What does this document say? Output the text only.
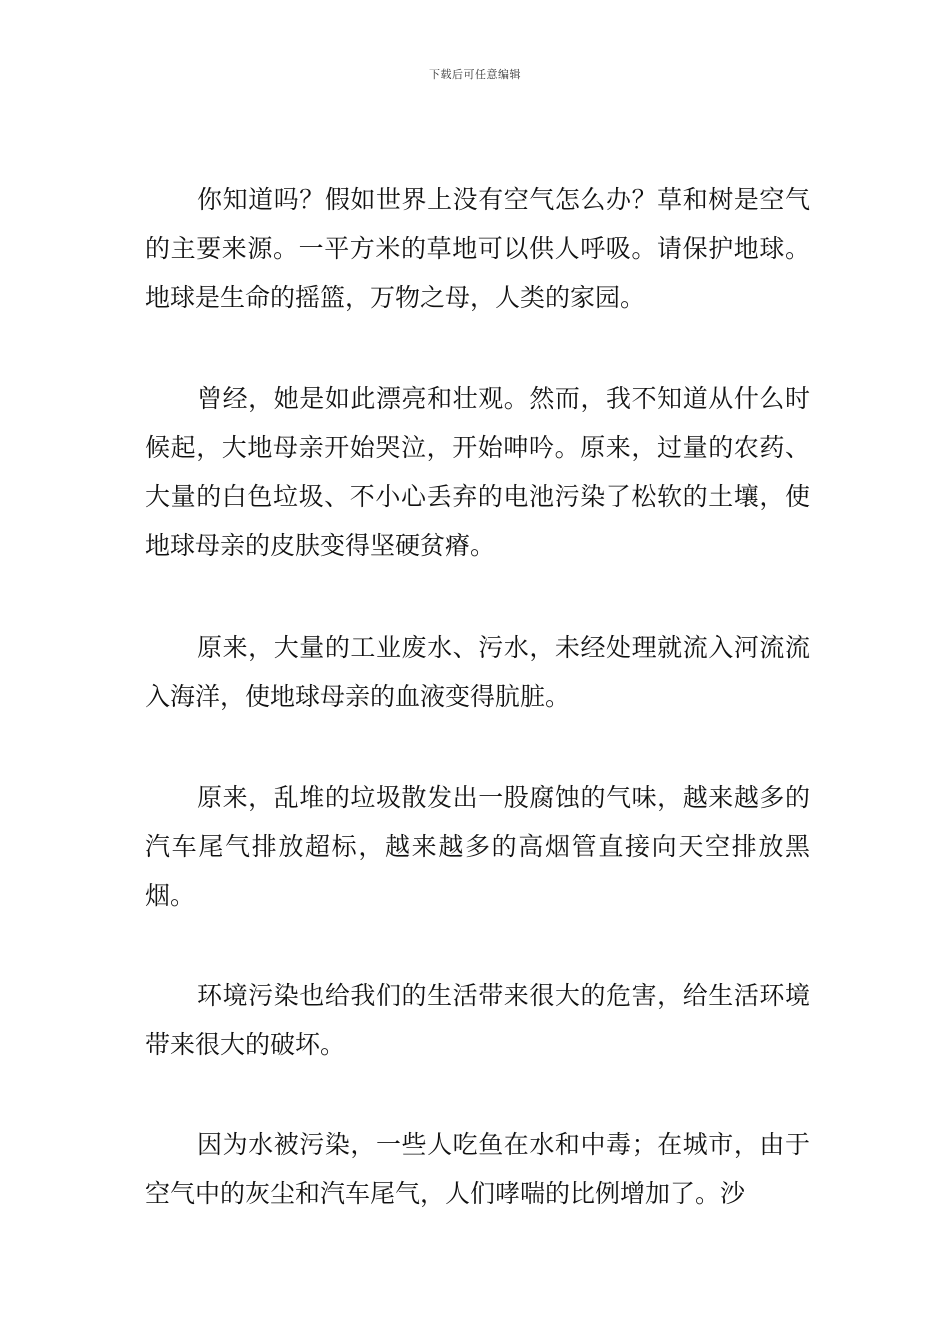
下载后可任意编辑

你知道吗？假如世界上没有空气怎么办？草和树是空气的主要来源。一平方米的草地可以供人呼吸。请保护地球。地球是生命的摇篮，万物之母，人类的家园。

曾经，她是如此漂亮和壮观。然而，我不知道从什么时候起，大地母亲开始哭泣，开始呻吟。原来，过量的农药、大量的白色垃圾、不小心丢弃的电池污染了松软的土壤，使地球母亲的皮肤变得坚硬贫瘠。

原来，大量的工业废水、污水，未经处理就流入河流流入海洋，使地球母亲的血液变得肮脏。

原来，乱堆的垃圾散发出一股腐蚀的气味，越来越多的汽车尾气排放超标，越来越多的高烟管直接向天空排放黑烟。

环境污染也给我们的生活带来很大的危害，给生活环境带来很大的破坏。

因为水被污染，一些人吃鱼在水和中毒；在城市，由于空气中的灰尘和汽车尾气，人们哮喘的比例增加了。沙
